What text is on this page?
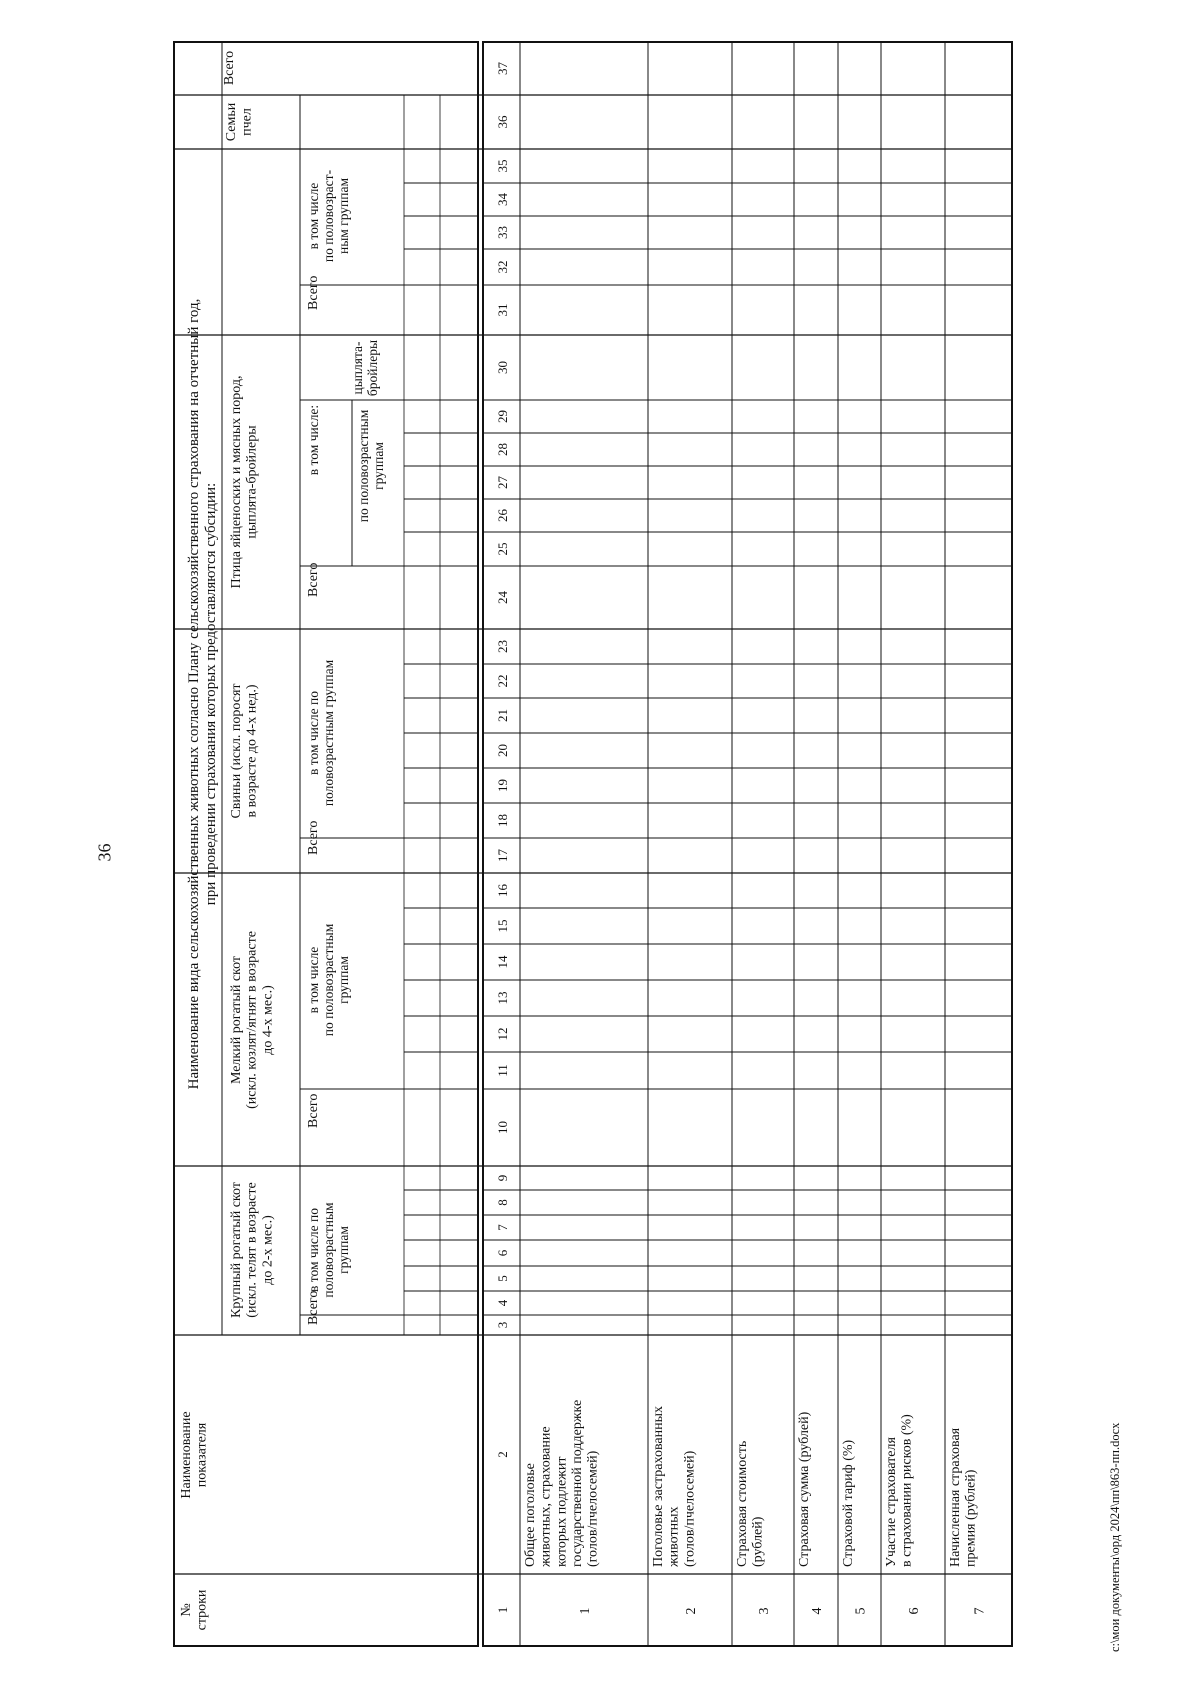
1
2
3
4
5
6
7
8
9
10
11
12
13
14
15
16
17
18
19
20
21
22
23
24
25
26
27
28
29
30
31
32
33
34
35
36
37
Наименование вида сельскохозяйственных животных согласно Плану сельскохозяйственного страхования на отчетный год, при проведении страхования которых предоставляются субсидии:
№строки
Наименованиепоказателя
Крупный рогатый скот(искл. телят в возрастедо 2-х мес.)
Мелкий рогатый скот(искл. козлят/ягнят в возрастедо 4-х мес.)
Свиньи (искл. поросятв возрасте до 4-х нед.)
Птица яйценоских и мясных пород,цыплята-бройлеры
Семьипчел
Всего
Всего
Всего
Всего
Всего
Всего
в том числе пополовозрастнымгруппам
в том числепо половозрастнымгруппам
в том числе пополовозрастным группам
в том числе:	по половозрастнымгруппам
цыплята-бройлеры
в том числепо половозраст-ным группам
1
Общее поголовьеживотных, страхованиекоторых подлежитгосударственной поддержке(голов/пчелосемей)
2
Поголовье застрахованныхживотных(голов/пчелосемей)
3
Страховая стоимость(рублей)
4
Страховая сумма (рублей)
5
Страховой тариф (%)
6
Участие страхователяв страховании рисков (%)
7
Начисленная страховаяпремия (рублей)
36
c:\мои документы\орд 2024\пп\863-пп.docx
